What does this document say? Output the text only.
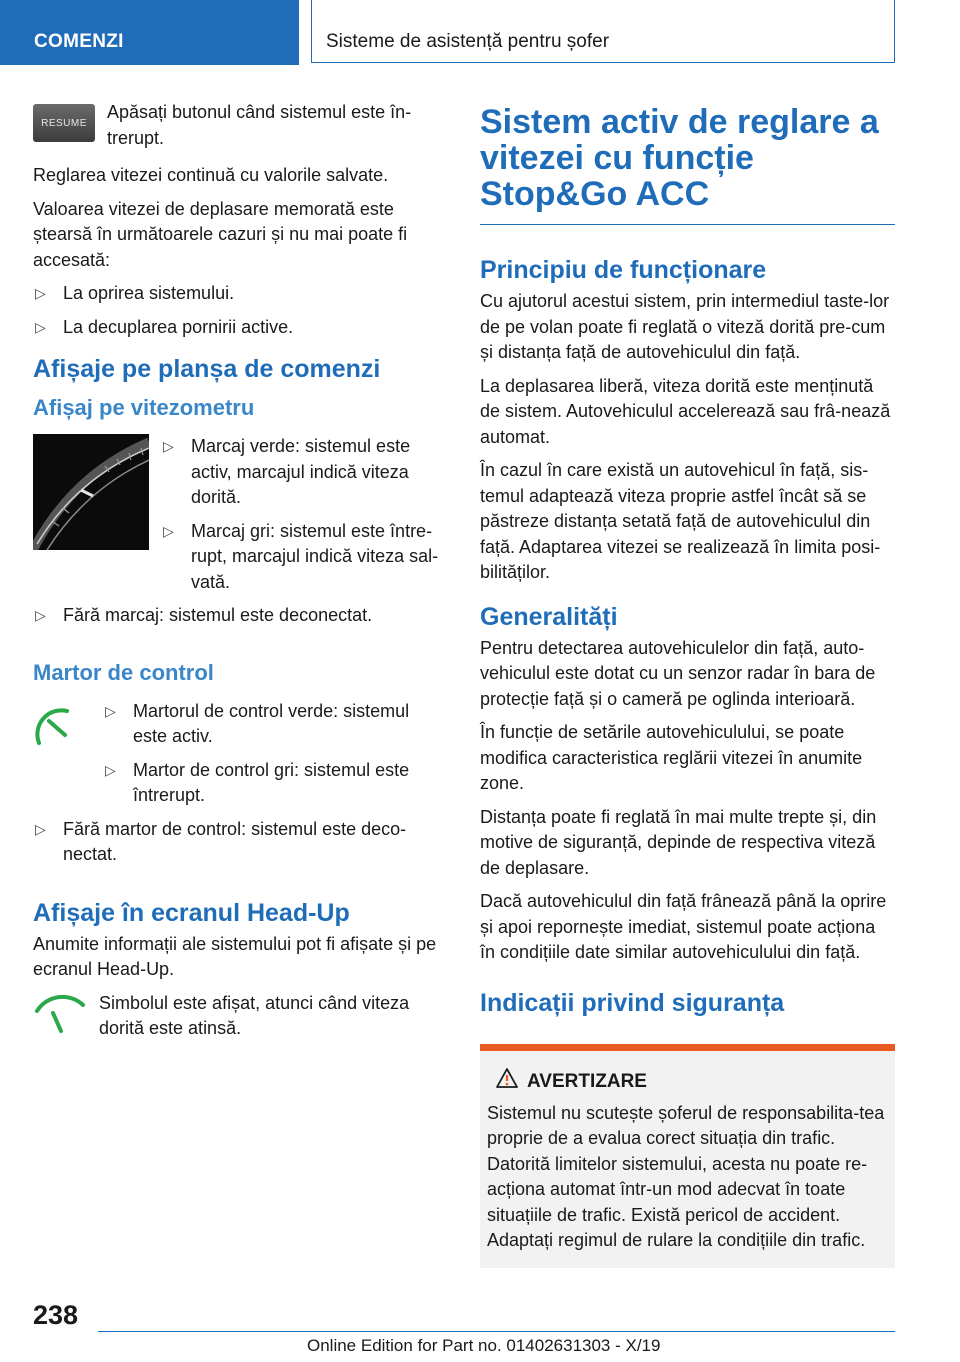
COMENZI	Sisteme de asistență pentru șofer
RESUME

Apăsați butonul când sistemul este în‐trerupt.

Reglarea vitezei continuă cu valorile salvate.

Valoarea vitezei de deplasare memorată este ștearsă în următoarele cazuri și nu mai poate fi accesată:

▷ La oprirea sistemului.
▷ La decuplarea pornirii active.
Afișaje pe planșa de comenzi
Afișaj pe vitezometru
▷ Marcaj verde: sistemul este activ, marcajul indică viteza dorită.
▷ Marcaj gri: sistemul este între‐rupt, marcajul indică viteza sal‐vată.
▷ Fără marcaj: sistemul este deconectat.
Martor de control
▷ Martorul de control verde: sistemul este activ.
▷ Martor de control gri: sistemul este întrerupt.
▷ Fără martor de control: sistemul este deco‐nectat.
Afișaje în ecranul Head-Up

Anumite informații ale sistemului pot fi afișate și pe ecranul Head-Up.

Simbolul este afișat, atunci când viteza dorită este atinsă.

Sistem activ de reglare a vitezei cu funcție Stop&Go ACC
Principiu de funcționare

Cu ajutorul acestui sistem, prin intermediul taste‐lor de pe volan poate fi reglată o viteză dorită pre‐cum și distanța față de autovehiculul din față.

La deplasarea liberă, viteza dorită este menținută de sistem. Autovehiculul accelerează sau frâ‐nează automat.

În cazul în care există un autovehicul în față, sis‐temul adaptează viteza proprie astfel încât să se păstreze distanța setată față de autovehiculul din față. Adaptarea vitezei se realizează în limita posi‐bilităților.

Generalități

Pentru detectarea autovehiculelor din față, auto‐vehiculul este dotat cu un senzor radar în bara de protecție față și o cameră pe oglinda interioară.

În funcție de setările autovehiculului, se poate modifica caracteristica reglării vitezei în anumite zone.

Distanța poate fi reglată în mai multe trepte și, din motive de siguranță, depinde de respectiva viteză de deplasare.

Dacă autovehiculul din față frânează până la oprire și apoi repornește imediat, sistemul poate acționa în condițiile date similar autovehiculului din față.

Indicații privind siguranța
AVERTIZARE

Sistemul nu scutește șoferul de responsabilita‐tea proprie de a evalua corect situația din trafic. Datorită limitelor sistemului, acesta nu poate re‐acționa automat într-un mod adecvat în toate situațiile de trafic. Există pericol de accident. Adaptați regimul de rulare la condițiile din trafic.

238
Online Edition for Part no. 01402631303 - X/19
